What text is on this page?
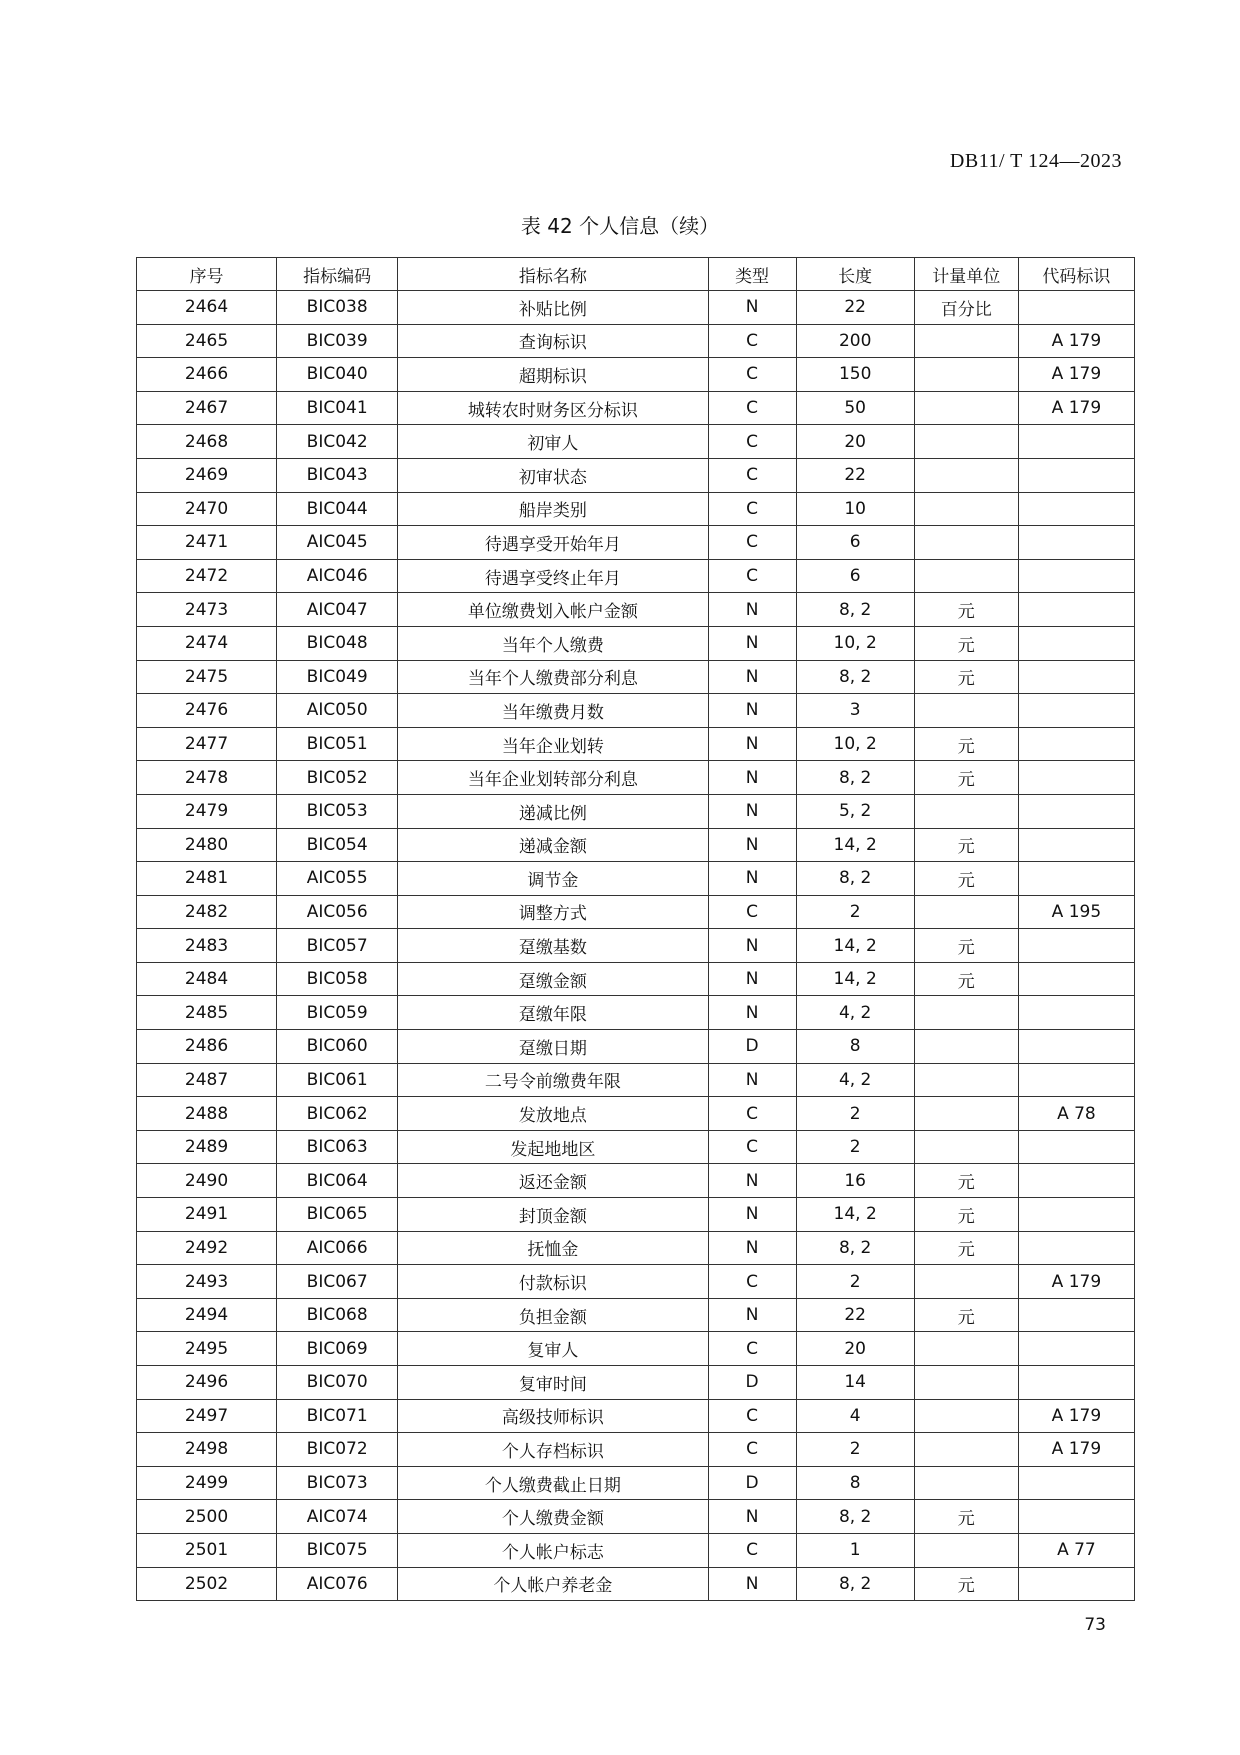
DB11/ T 124—2023
表 42 个人信息（续）
序号	指标编码	指标名称	类型	长度	计量单位	代码标识
2464	BIC038	补贴比例	N	22	百分比	
2465	BIC039	查询标识	C	200		A 179
2466	BIC040	超期标识	C	150		A 179
2467	BIC041	城转农时财务区分标识	C	50		A 179
2468	BIC042	初审人	C	20		
2469	BIC043	初审状态	C	22		
2470	BIC044	船岸类别	C	10		
2471	AIC045	待遇享受开始年月	C	6		
2472	AIC046	待遇享受终止年月	C	6		
2473	AIC047	单位缴费划入帐户金额	N	8, 2	元	
2474	BIC048	当年个人缴费	N	10, 2	元	
2475	BIC049	当年个人缴费部分利息	N	8, 2	元	
2476	AIC050	当年缴费月数	N	3		
2477	BIC051	当年企业划转	N	10, 2	元	
2478	BIC052	当年企业划转部分利息	N	8, 2	元	
2479	BIC053	递减比例	N	5, 2		
2480	BIC054	递减金额	N	14, 2	元	
2481	AIC055	调节金	N	8, 2	元	
2482	AIC056	调整方式	C	2		A 195
2483	BIC057	趸缴基数	N	14, 2	元	
2484	BIC058	趸缴金额	N	14, 2	元	
2485	BIC059	趸缴年限	N	4, 2		
2486	BIC060	趸缴日期	D	8		
2487	BIC061	二号令前缴费年限	N	4, 2		
2488	BIC062	发放地点	C	2		A 78
2489	BIC063	发起地地区	C	2		
2490	BIC064	返还金额	N	16	元	
2491	BIC065	封顶金额	N	14, 2	元	
2492	AIC066	抚恤金	N	8, 2	元	
2493	BIC067	付款标识	C	2		A 179
2494	BIC068	负担金额	N	22	元	
2495	BIC069	复审人	C	20		
2496	BIC070	复审时间	D	14		
2497	BIC071	高级技师标识	C	4		A 179
2498	BIC072	个人存档标识	C	2		A 179
2499	BIC073	个人缴费截止日期	D	8		
2500	AIC074	个人缴费金额	N	8, 2	元	
2501	BIC075	个人帐户标志	C	1		A 77
2502	AIC076	个人帐户养老金	N	8, 2	元	
73
